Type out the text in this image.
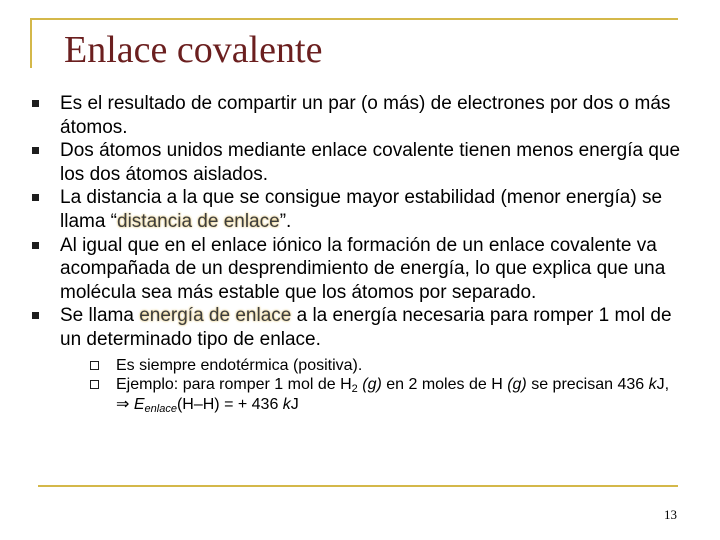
Enlace covalente
Es el resultado de compartir un par (o más) de electrones por dos o más átomos.
Dos átomos unidos mediante enlace covalente tienen menos energía que los dos átomos aislados.
La distancia a la que se consigue mayor estabilidad (menor energía) se llama “distancia de enlace”.
Al igual que en el enlace iónico la formación de un enlace covalente va acompañada de un desprendimiento de energía, lo que explica que una molécula sea más estable que los átomos por separado.
Se llama energía de enlace a la energía necesaria para romper 1 mol de un determinado tipo de enlace.
Es siempre endotérmica (positiva).
Ejemplo: para romper 1 mol de H2 (g) en 2 moles de H (g) se precisan 436 kJ, ⇒ Eenlace(H–H) = + 436 kJ
13
